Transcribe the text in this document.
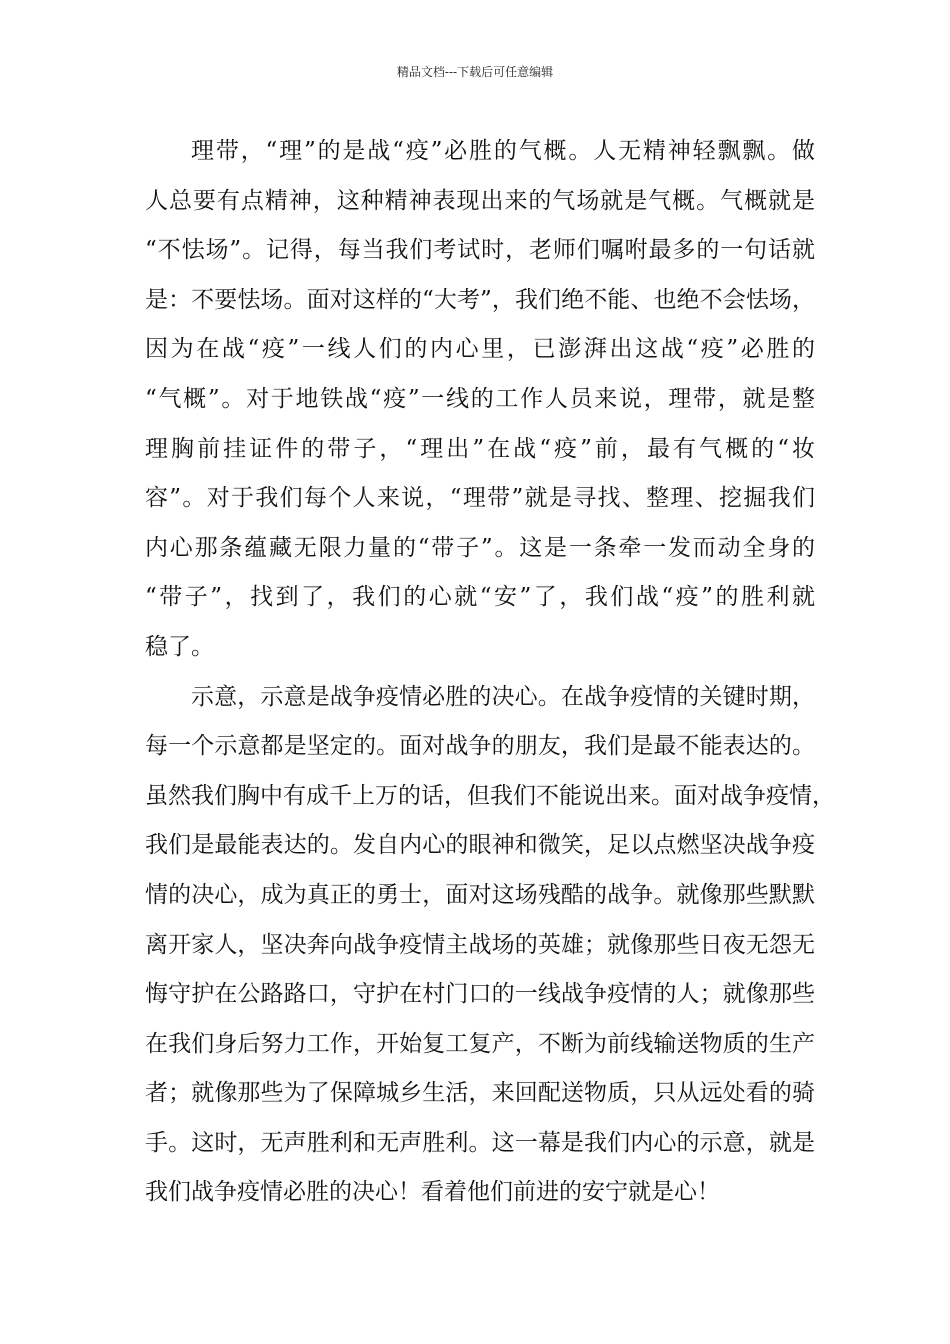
精品文档---下载后可任意编辑
理带，“理”的是战“疫”必胜的气概。人无精神轻飘飘。做
人总要有点精神，这种精神表现出来的气场就是气概。气概就是
“不怯场”。记得，每当我们考试时，老师们嘱咐最多的一句话就
是：不要怯场。面对这样的“大考”，我们绝不能、也绝不会怯场，
因为在战“疫”一线人们的内心里，已澎湃出这战“疫”必胜的
“气概”。对于地铁战“疫”一线的工作人员来说，理带，就是整
理胸前挂证件的带子，“理出”在战“疫”前，最有气概的“妆
容”。对于我们每个人来说，“理带”就是寻找、整理、挖掘我们
内心那条蕴藏无限力量的“带子”。这是一条牵一发而动全身的
“带子”，找到了，我们的心就“安”了，我们战“疫”的胜利就
稳了。
示意，示意是战争疫情必胜的决心。在战争疫情的关键时期，
每一个示意都是坚定的。面对战争的朋友，我们是最不能表达的。
虽然我们胸中有成千上万的话，但我们不能说出来。面对战争疫情，
我们是最能表达的。发自内心的眼神和微笑，足以点燃坚决战争疫
情的决心，成为真正的勇士，面对这场残酷的战争。就像那些默默
离开家人，坚决奔向战争疫情主战场的英雄；就像那些日夜无怨无
悔守护在公路路口，守护在村门口的一线战争疫情的人；就像那些
在我们身后努力工作，开始复工复产，不断为前线输送物质的生产
者；就像那些为了保障城乡生活，来回配送物质，只从远处看的骑
手。这时，无声胜利和无声胜利。这一幕是我们内心的示意，就是
我们战争疫情必胜的决心！看着他们前进的安宁就是心！
